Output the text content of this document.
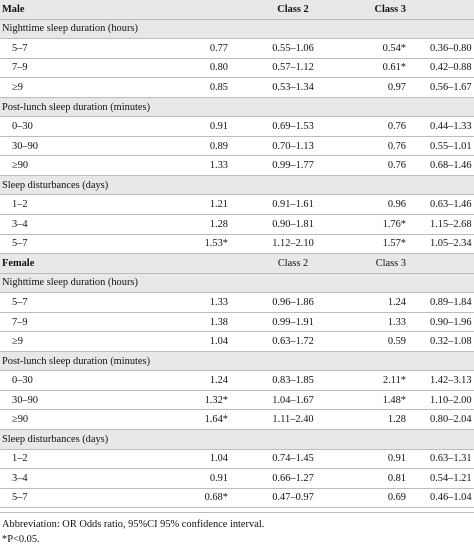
Male		Class 2	Class 3	
Nighttime sleep duration (hours)				
5–7	0.77	0.55–1.06	0.54*	0.36–0.80
7–9	0.80	0.57–1.12	0.61*	0.42–0.88
≥9	0.85	0.53–1.34	0.97	0.56–1.67
Post-lunch sleep duration (minutes)				
0–30	0.91	0.69–1.53	0.76	0.44–1.33
30–90	0.89	0.70–1.13	0.76	0.55–1.01
≥90	1.33	0.99–1.77	0.76	0.68–1.46
Sleep disturbances (days)				
1–2	1.21	0.91–1.61	0.96	0.63–1.46
3–4	1.28	0.90–1.81	1.76*	1.15–2.68
5–7	1.53*	1.12–2.10	1.57*	1.05–2.34
Female		Class 2	Class 3	
Nighttime sleep duration (hours)				
5–7	1.33	0.96–1.86	1.24	0.89–1.84
7–9	1.38	0.99–1.91	1.33	0.90–1.96
≥9	1.04	0.63–1.72	0.59	0.32–1.08
Post-lunch sleep duration (minutes)				
0–30	1.24	0.83–1.85	2.11*	1.42–3.13
30–90	1.32*	1.04–1.67	1.48*	1.10–2.00
≥90	1.64*	1.11–2.40	1.28	0.80–2.04
Sleep disturbances (days)				
1–2	1.04	0.74–1.45	0.91	0.63–1.31
3–4	0.91	0.66–1.27	0.81	0.54–1.21
5–7	0.68*	0.47–0.97	0.69	0.46–1.04
Abbreviation: OR Odds ratio, 95%CI 95% confidence interval.
*P<0.05.
